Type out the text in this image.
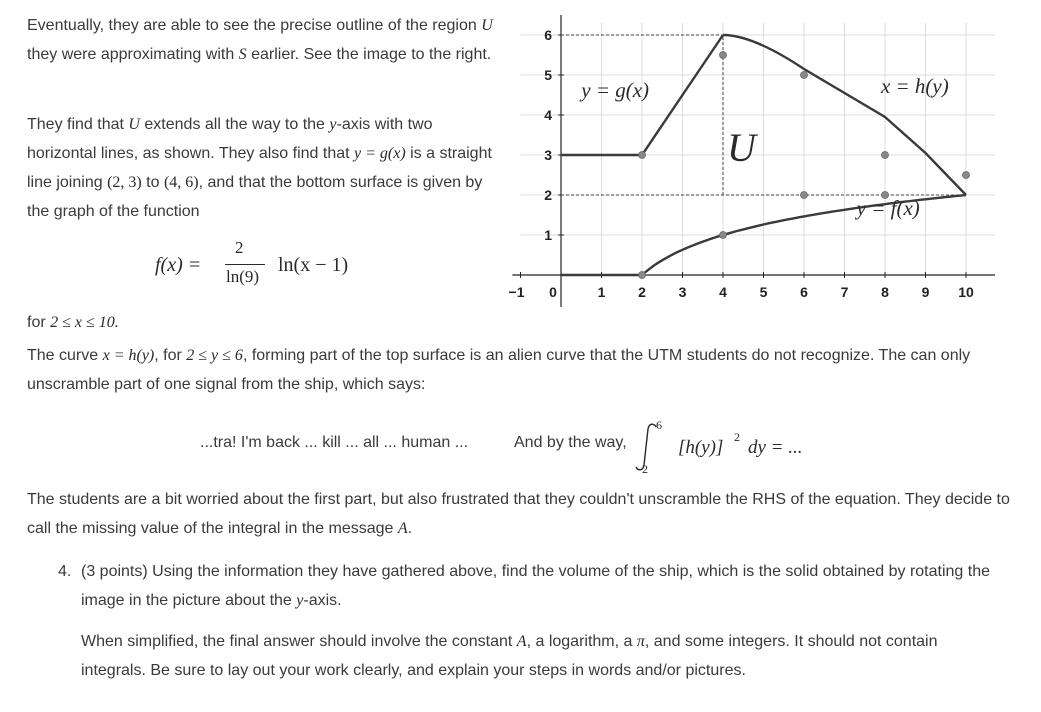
Eventually, they are able to see the precise outline of the region U they were approximating with S earlier. See the image to the right.
They find that U extends all the way to the y-axis with two horizontal lines, as shown. They also find that y = g(x) is a straight line joining (2, 3) to (4, 6), and that the bottom surface is given by the graph of the function
f(x) =
2
ln(9)
ln(x − 1)
for 2 ≤ x ≤ 10.
The curve x = h(y), for 2 ≤ y ≤ 6, forming part of the top surface is an alien curve that the UTM students do not recognize. The can only unscramble part of one signal from the ship, which says:
...tra! I'm back ... kill ... all ... human ...	And by the way,
6
2
[h(y)] 2 dy = ...
The students are a bit worried about the first part, but also frustrated that they couldn't unscramble the RHS of the equation. They decide to call the missing value of the integral in the message A.
4. (3 points) Using the information they have gathered above, find the volume of the ship, which is the solid obtained by rotating the image in the picture about the y-axis.
When simplified, the final answer should involve the constant A, a logarithm, a π, and some integers. It should not contain integrals. Be sure to lay out your work clearly, and explain your steps in words and/or pictures.
−1 0	1 2 3 4 5 6 7 8 9 10
1
2
3
4
5
6
y = g(x)	x = h(y)
y = f(x)
U
